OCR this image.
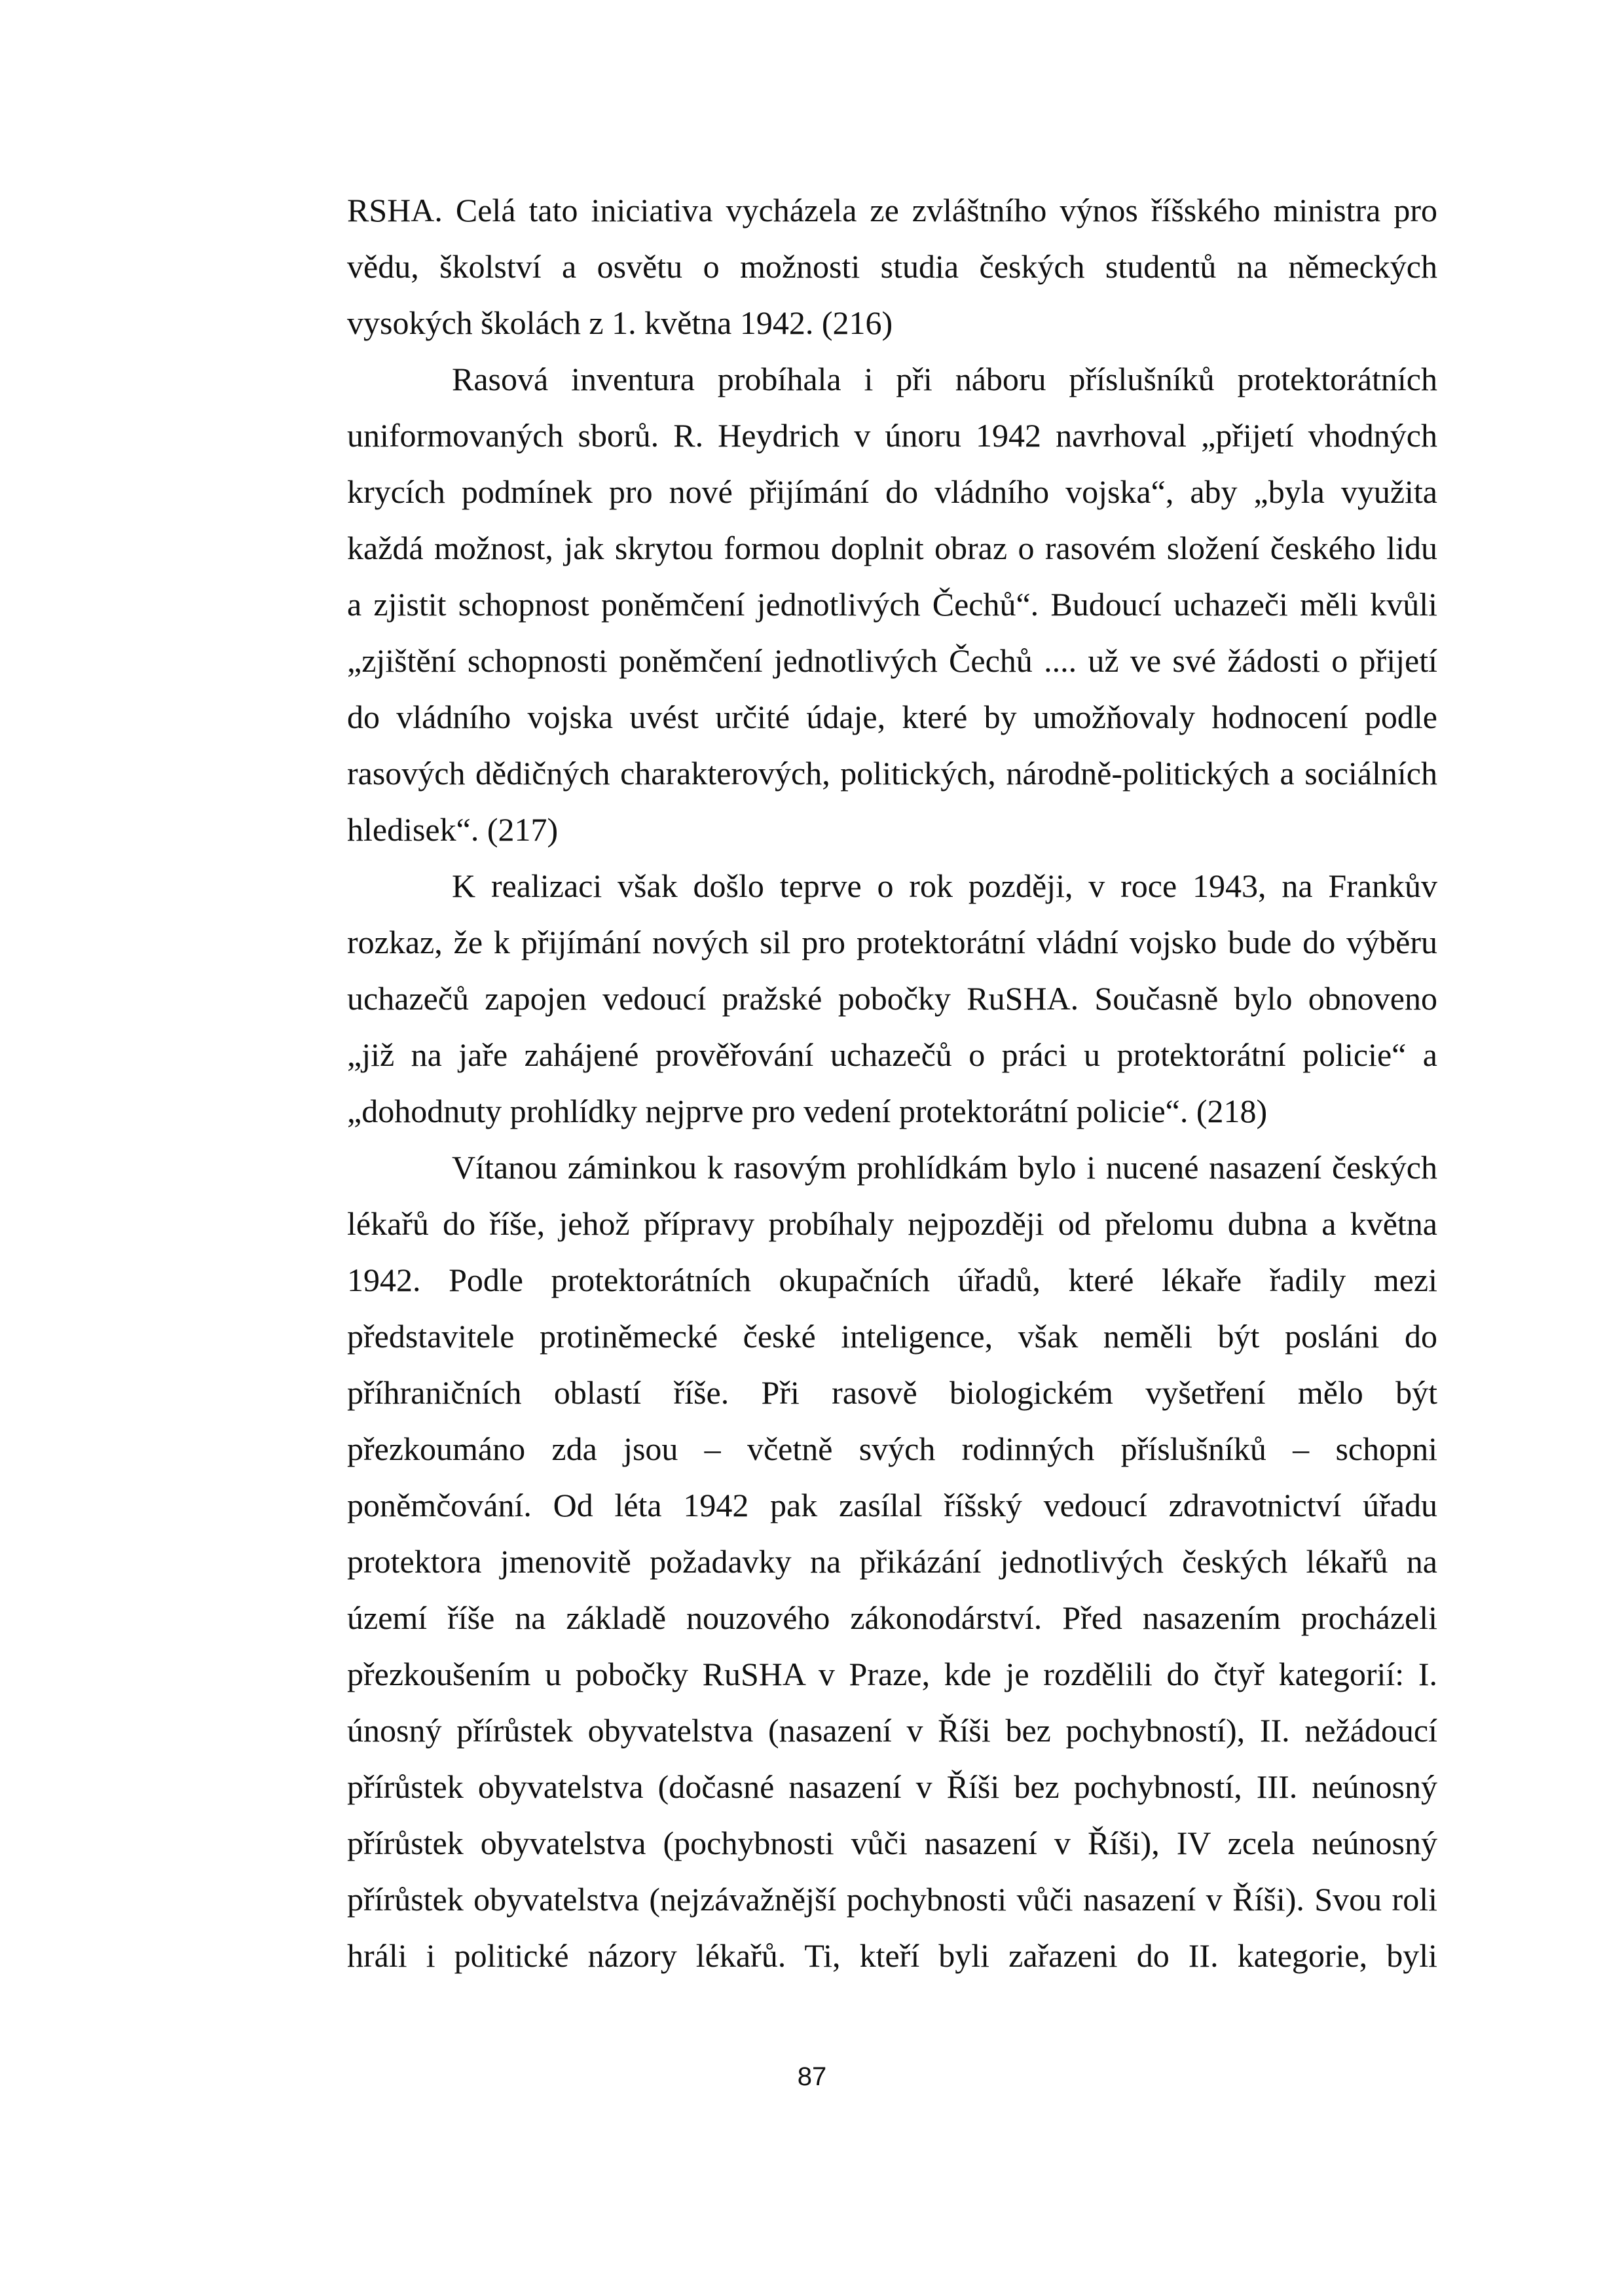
RSHA. Celá tato iniciativa vycházela ze zvláštního výnos říšského ministra pro
vědu, školství a osvětu o možnosti studia českých studentů na německých
vysokých školách z 1. května 1942. (216)
Rasová inventura probíhala i při náboru příslušníků protektorátních
uniformovaných sborů. R. Heydrich v únoru 1942 navrhoval „přijetí vhodných
krycích podmínek pro nové přijímání do vládního vojska“, aby „byla využita
každá možnost, jak skrytou formou doplnit obraz o rasovém složení českého lidu
a zjistit schopnost poněmčení jednotlivých Čechů“. Budoucí uchazeči měli kvůli
„zjištění schopnosti poněmčení jednotlivých Čechů .... už ve své žádosti o přijetí
do vládního vojska uvést určité údaje, které by umožňovaly hodnocení podle
rasových dědičných charakterových, politických, národně-politických a sociálních
hledisek“. (217)
K realizaci však došlo teprve o rok později, v roce 1943, na Frankův
rozkaz, že k přijímání nových sil pro protektorátní vládní vojsko bude do výběru
uchazečů zapojen vedoucí pražské pobočky RuSHA. Současně bylo obnoveno
„již na jaře zahájené prověřování uchazečů o práci u protektorátní policie“ a
„dohodnuty prohlídky nejprve pro vedení protektorátní policie“. (218)
Vítanou záminkou k rasovým prohlídkám bylo i nucené nasazení českých
lékařů do říše, jehož přípravy probíhaly nejpozději od přelomu dubna a května
1942. Podle protektorátních okupačních úřadů, které lékaře řadily mezi
představitele protiněmecké české inteligence, však neměli být posláni do
příhraničních oblastí říše. Při rasově biologickém vyšetření mělo být
přezkoumáno zda jsou – včetně svých rodinných příslušníků – schopni
poněmčování. Od léta 1942 pak zasílal říšský vedoucí zdravotnictví úřadu
protektora jmenovitě požadavky na přikázání jednotlivých českých lékařů na
území říše na základě nouzového zákonodárství. Před nasazením procházeli
přezkoušením u pobočky RuSHA v Praze, kde je rozdělili do čtyř kategorií: I.
únosný přírůstek obyvatelstva (nasazení v Říši bez pochybností), II. nežádoucí
přírůstek obyvatelstva (dočasné nasazení v Říši bez pochybností, III. neúnosný
přírůstek obyvatelstva (pochybnosti vůči nasazení v Říši), IV zcela neúnosný
přírůstek obyvatelstva (nejzávažnější pochybnosti vůči nasazení v Říši). Svou roli
hráli i politické názory lékařů. Ti, kteří byli zařazeni do II. kategorie, byli
87
